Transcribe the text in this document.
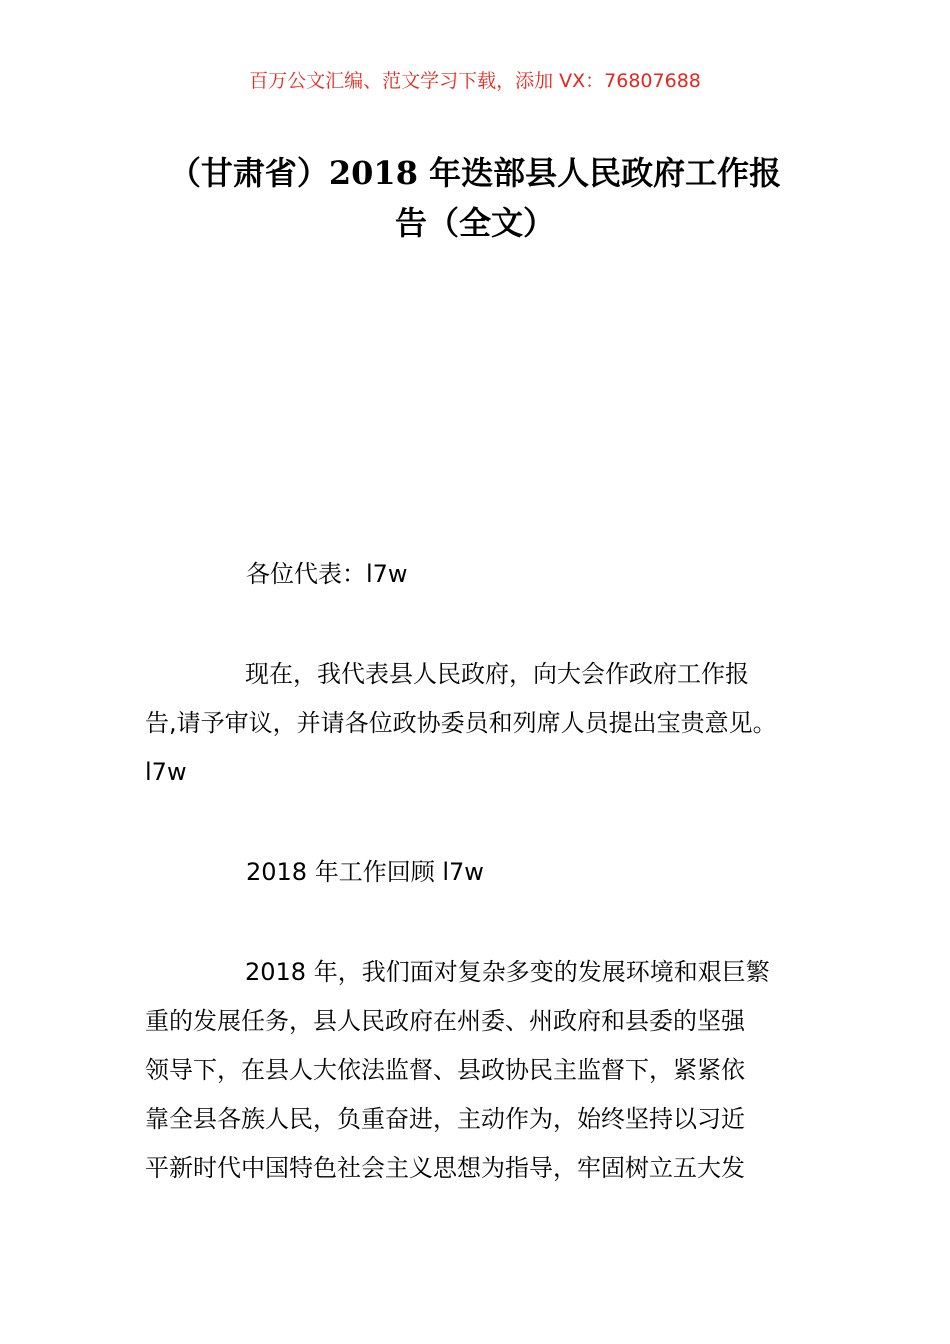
百万公文汇编、范文学习下载，添加 VX：76807688
（甘肃省）2018 年迭部县人民政府工作报
告（全文）
各位代表：l7w
现在，我代表县人民政府，向大会作政府工作报
告,请予审议，并请各位政协委员和列席人员提出宝贵意见。
l7w
2018 年工作回顾 l7w
2018 年，我们面对复杂多变的发展环境和艰巨繁
重的发展任务，县人民政府在州委、州政府和县委的坚强
领导下，在县人大依法监督、县政协民主监督下，紧紧依
靠全县各族人民，负重奋进，主动作为，始终坚持以习近
平新时代中国特色社会主义思想为指导，牢固树立五大发
